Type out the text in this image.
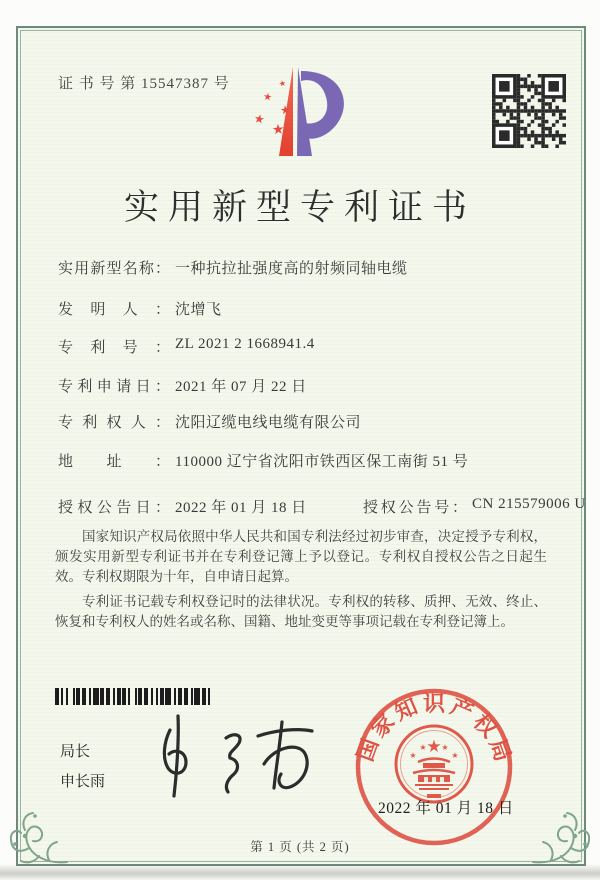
证 书 号 第 15547387 号	★
★
★
★
★
实用新型专利证书
实用新型名称： 一种抗拉扯强度高的射频同轴电缆
发明人： 沈增飞
专利号： ZL 2021 2 1668941.4
专利申请日： 2021 年 07 月 22 日
专利权人： 沈阳辽缆电线电缆有限公司
地址： 110000 辽宁省沈阳市铁西区保工南街 51 号
授权公告日： 2022 年 01 月 18 日	授权公告号： CN 215579006 U

国家知识产权局依照中华人民共和国专利法经过初步审查，决定授予专利权，颁发实用新型专利证书并在专利登记簿上予以登记。专利权自授权公告之日起生效。专利权期限为十年，自申请日起算。

专利证书记载专利权登记时的法律状况。专利权的转移、质押、无效、终止、恢复和专利权人的姓名或名称、国籍、地址变更等事项记载在专利登记簿上。

局长
申长雨
国
家
知 识 产
权
局
★
★
★ ★
★
2022 年 01 月 18 日
第 1 页 (共 2 页)
